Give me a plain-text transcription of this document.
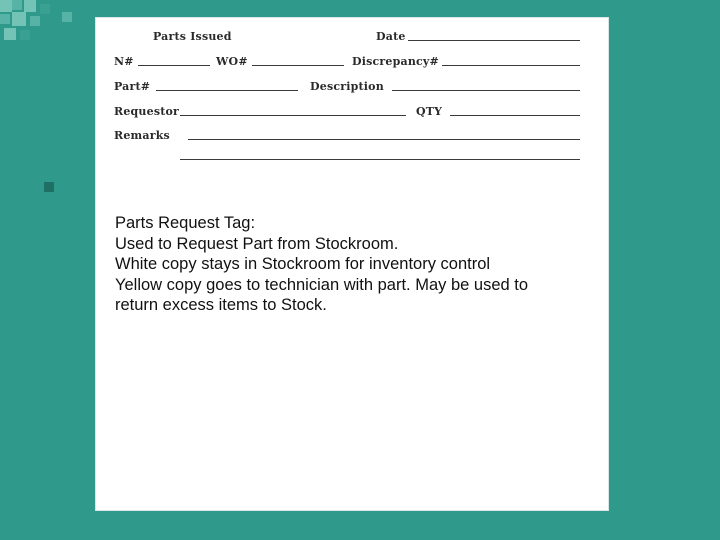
Parts Issued	Date
N#	WO#	Discrepancy#
Part#	Description
Requestor	QTY
Remarks
Parts Request Tag:
Used to Request Part from Stockroom.
White copy stays in Stockroom for inventory control
Yellow copy goes to technician with part. May be used to
return excess items to Stock.
